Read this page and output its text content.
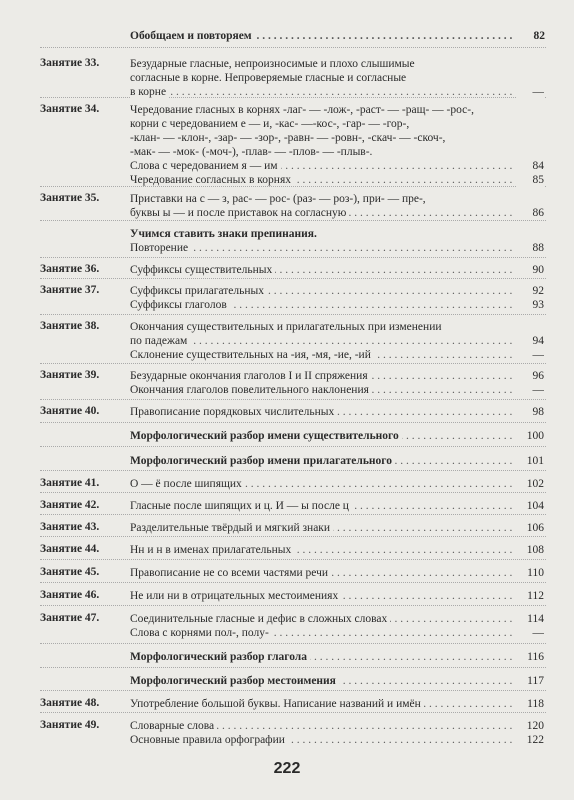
. . . Обобщаем и повторяем	82
Занятие 33.	Безударные гласные, непроизносимые и плохо слышимые
согласные в корне. Непроверяемые гласные и согласные
. . . в корне	—
Занятие 34.	Чередование гласных в корнях -лаг- — -лож-, -раст- — -ращ- — -рос-,
корни с чередованием е — и, -кас- —-кос-, -гар- — -гор-,
-клан- — -клон-, -зар- — -зор-, -равн- — -ровн-, -скач- — -скоч-,
-мак- — -мок- (-моч-), -плав- — -плов- — -плыв-.
. . . Слова с чередованием я — им	84
. . . Чередование согласных в корнях	85
Занятие 35.	Приставки на с — з, рас- — рос- (раз- — роз-), при- — пре-,
. . . буквы ы — и после приставок на согласную	86
Учимся ставить знаки препинания.
. . . Повторение	88
Занятие 36.	. . . Суффиксы существительных	90
Занятие 37.	. . . Суффиксы прилагательных	92
. . . Суффиксы глаголов	93
Занятие 38.	Окончания существительных и прилагательных при изменении
. . . по падежам	94
. . . Склонение существительных на -ия, -мя, -ие, -ий	—
Занятие 39.	. . . Безударные окончания глаголов I и II спряжения	96
. . . Окончания глаголов повелительного наклонения	—
Занятие 40.	. . . Правописание порядковых числительных	98
. . . Морфологический разбор имени существительного	100
. . . Морфологический разбор имени прилагательного	101
Занятие 41.	. . . О — ё после шипящих	102
Занятие 42.	. . . Гласные после шипящих и ц. И — ы после ц	104
Занятие 43.	. . . Разделительные твёрдый и мягкий знаки	106
Занятие 44.	. . . Нн и н в именах прилагательных	108
Занятие 45.	. . . Правописание не со всеми частями речи	110
Занятие 46.	. . . Не или ни в отрицательных местоимениях	112
Занятие 47.	. . . Соединительные гласные и дефис в сложных словах	114
. . . Слова с корнями пол-, полу-	—
. . . Морфологический разбор глагола	116
. . . Морфологический разбор местоимения	117
Занятие 48.	. . . Употребление большой буквы. Написание названий и имён	118
Занятие 49.	. . . Словарные слова	120
. . . Основные правила орфографии	122
222
